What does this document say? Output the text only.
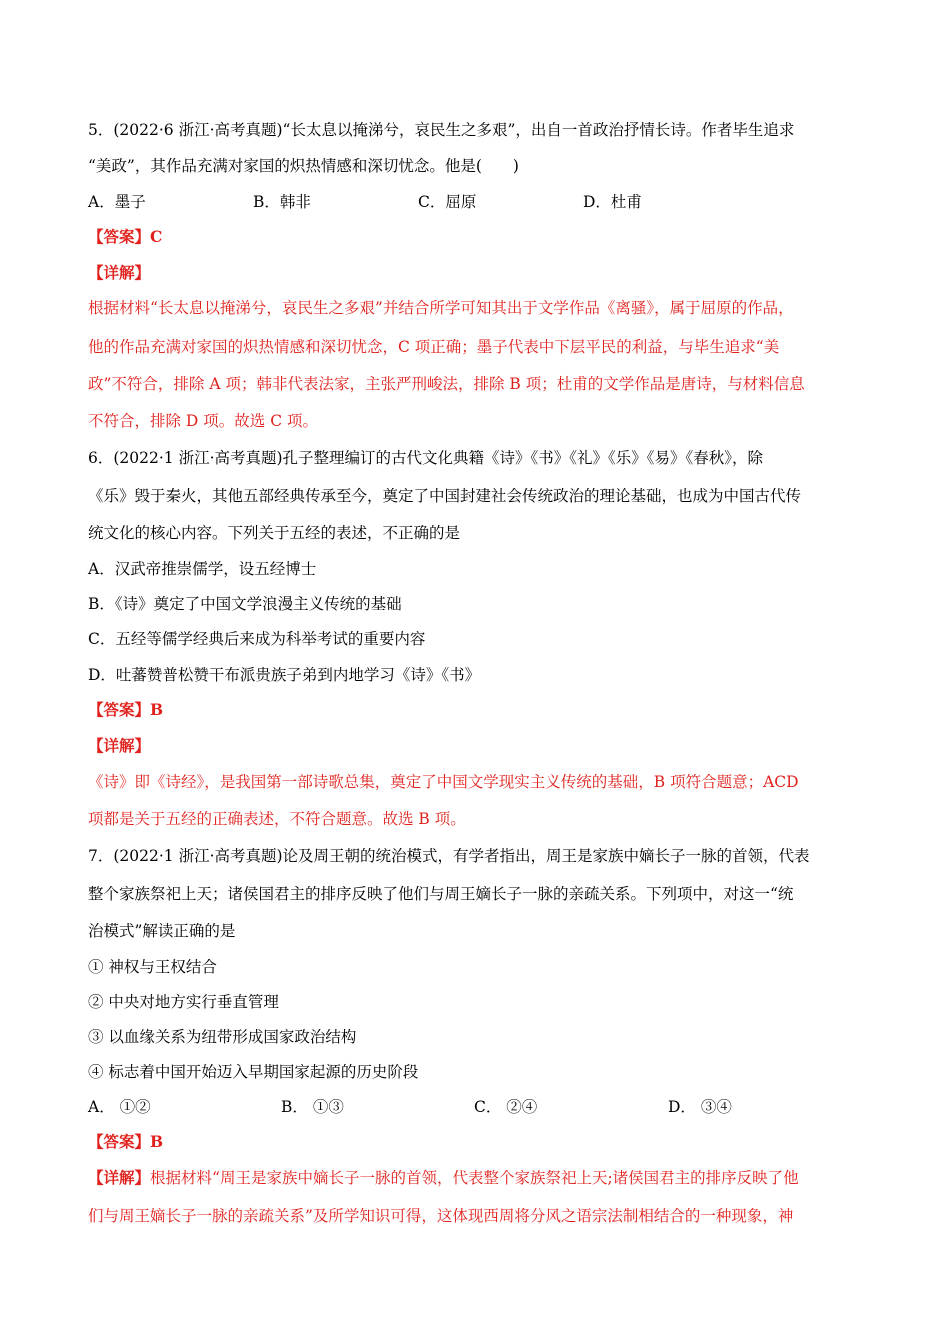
5．(2022·6 浙江·高考真题)“长太息以掩涕兮，哀民生之多艰”，出自一首政治抒情长诗。作者毕生追求
“美政”，其作品充满对家国的炽热情感和深切忧念。他是(　　)
A．墨子	B．韩非	C．屈原	D．杜甫
【答案】C
【详解】
根据材料“长太息以掩涕兮，哀民生之多艰”并结合所学可知其出于文学作品《离骚》，属于屈原的作品，
他的作品充满对家国的炽热情感和深切忧念，C 项正确；墨子代表中下层平民的利益，与毕生追求“美
政”不符合，排除 A 项；韩非代表法家，主张严刑峻法，排除 B 项；杜甫的文学作品是唐诗，与材料信息
不符合，排除 D 项。故选 C 项。
6．(2022·1 浙江·高考真题)孔子整理编订的古代文化典籍《诗》《书》《礼》《乐》《易》《春秋》，除
《乐》毁于秦火，其他五部经典传承至今，奠定了中国封建社会传统政治的理论基础，也成为中国古代传
统文化的核心内容。下列关于五经的表述，不正确的是
A．汉武帝推崇儒学，设五经博士
B．《诗》奠定了中国文学浪漫主义传统的基础
C．五经等儒学经典后来成为科举考试的重要内容
D．吐蕃赞普松赞干布派贵族子弟到内地学习《诗》《书》
【答案】B
【详解】
《诗》即《诗经》，是我国第一部诗歌总集，奠定了中国文学现实主义传统的基础，B 项符合题意；ACD
项都是关于五经的正确表述，不符合题意。故选 B 项。
7．(2022·1 浙江·高考真题)论及周王朝的统治模式，有学者指出，周王是家族中嫡长子一脉的首领，代表
整个家族祭祀上天；诸侯国君主的排序反映了他们与周王嫡长子一脉的亲疏关系。下列项中，对这一“统
治模式”解读正确的是
① 神权与王权结合
② 中央对地方实行垂直管理
③ 以血缘关系为纽带形成国家政治结构
④ 标志着中国开始迈入早期国家起源的历史阶段
A． ①②	B． ①③	C． ②④	D． ③④
【答案】B
【详解】根据材料“周王是家族中嫡长子一脉的首领，代表整个家族祭祀上天;诸侯国君主的排序反映了他
们与周王嫡长子一脉的亲疏关系”及所学知识可得，这体现西周将分风之语宗法制相结合的一种现象，神
